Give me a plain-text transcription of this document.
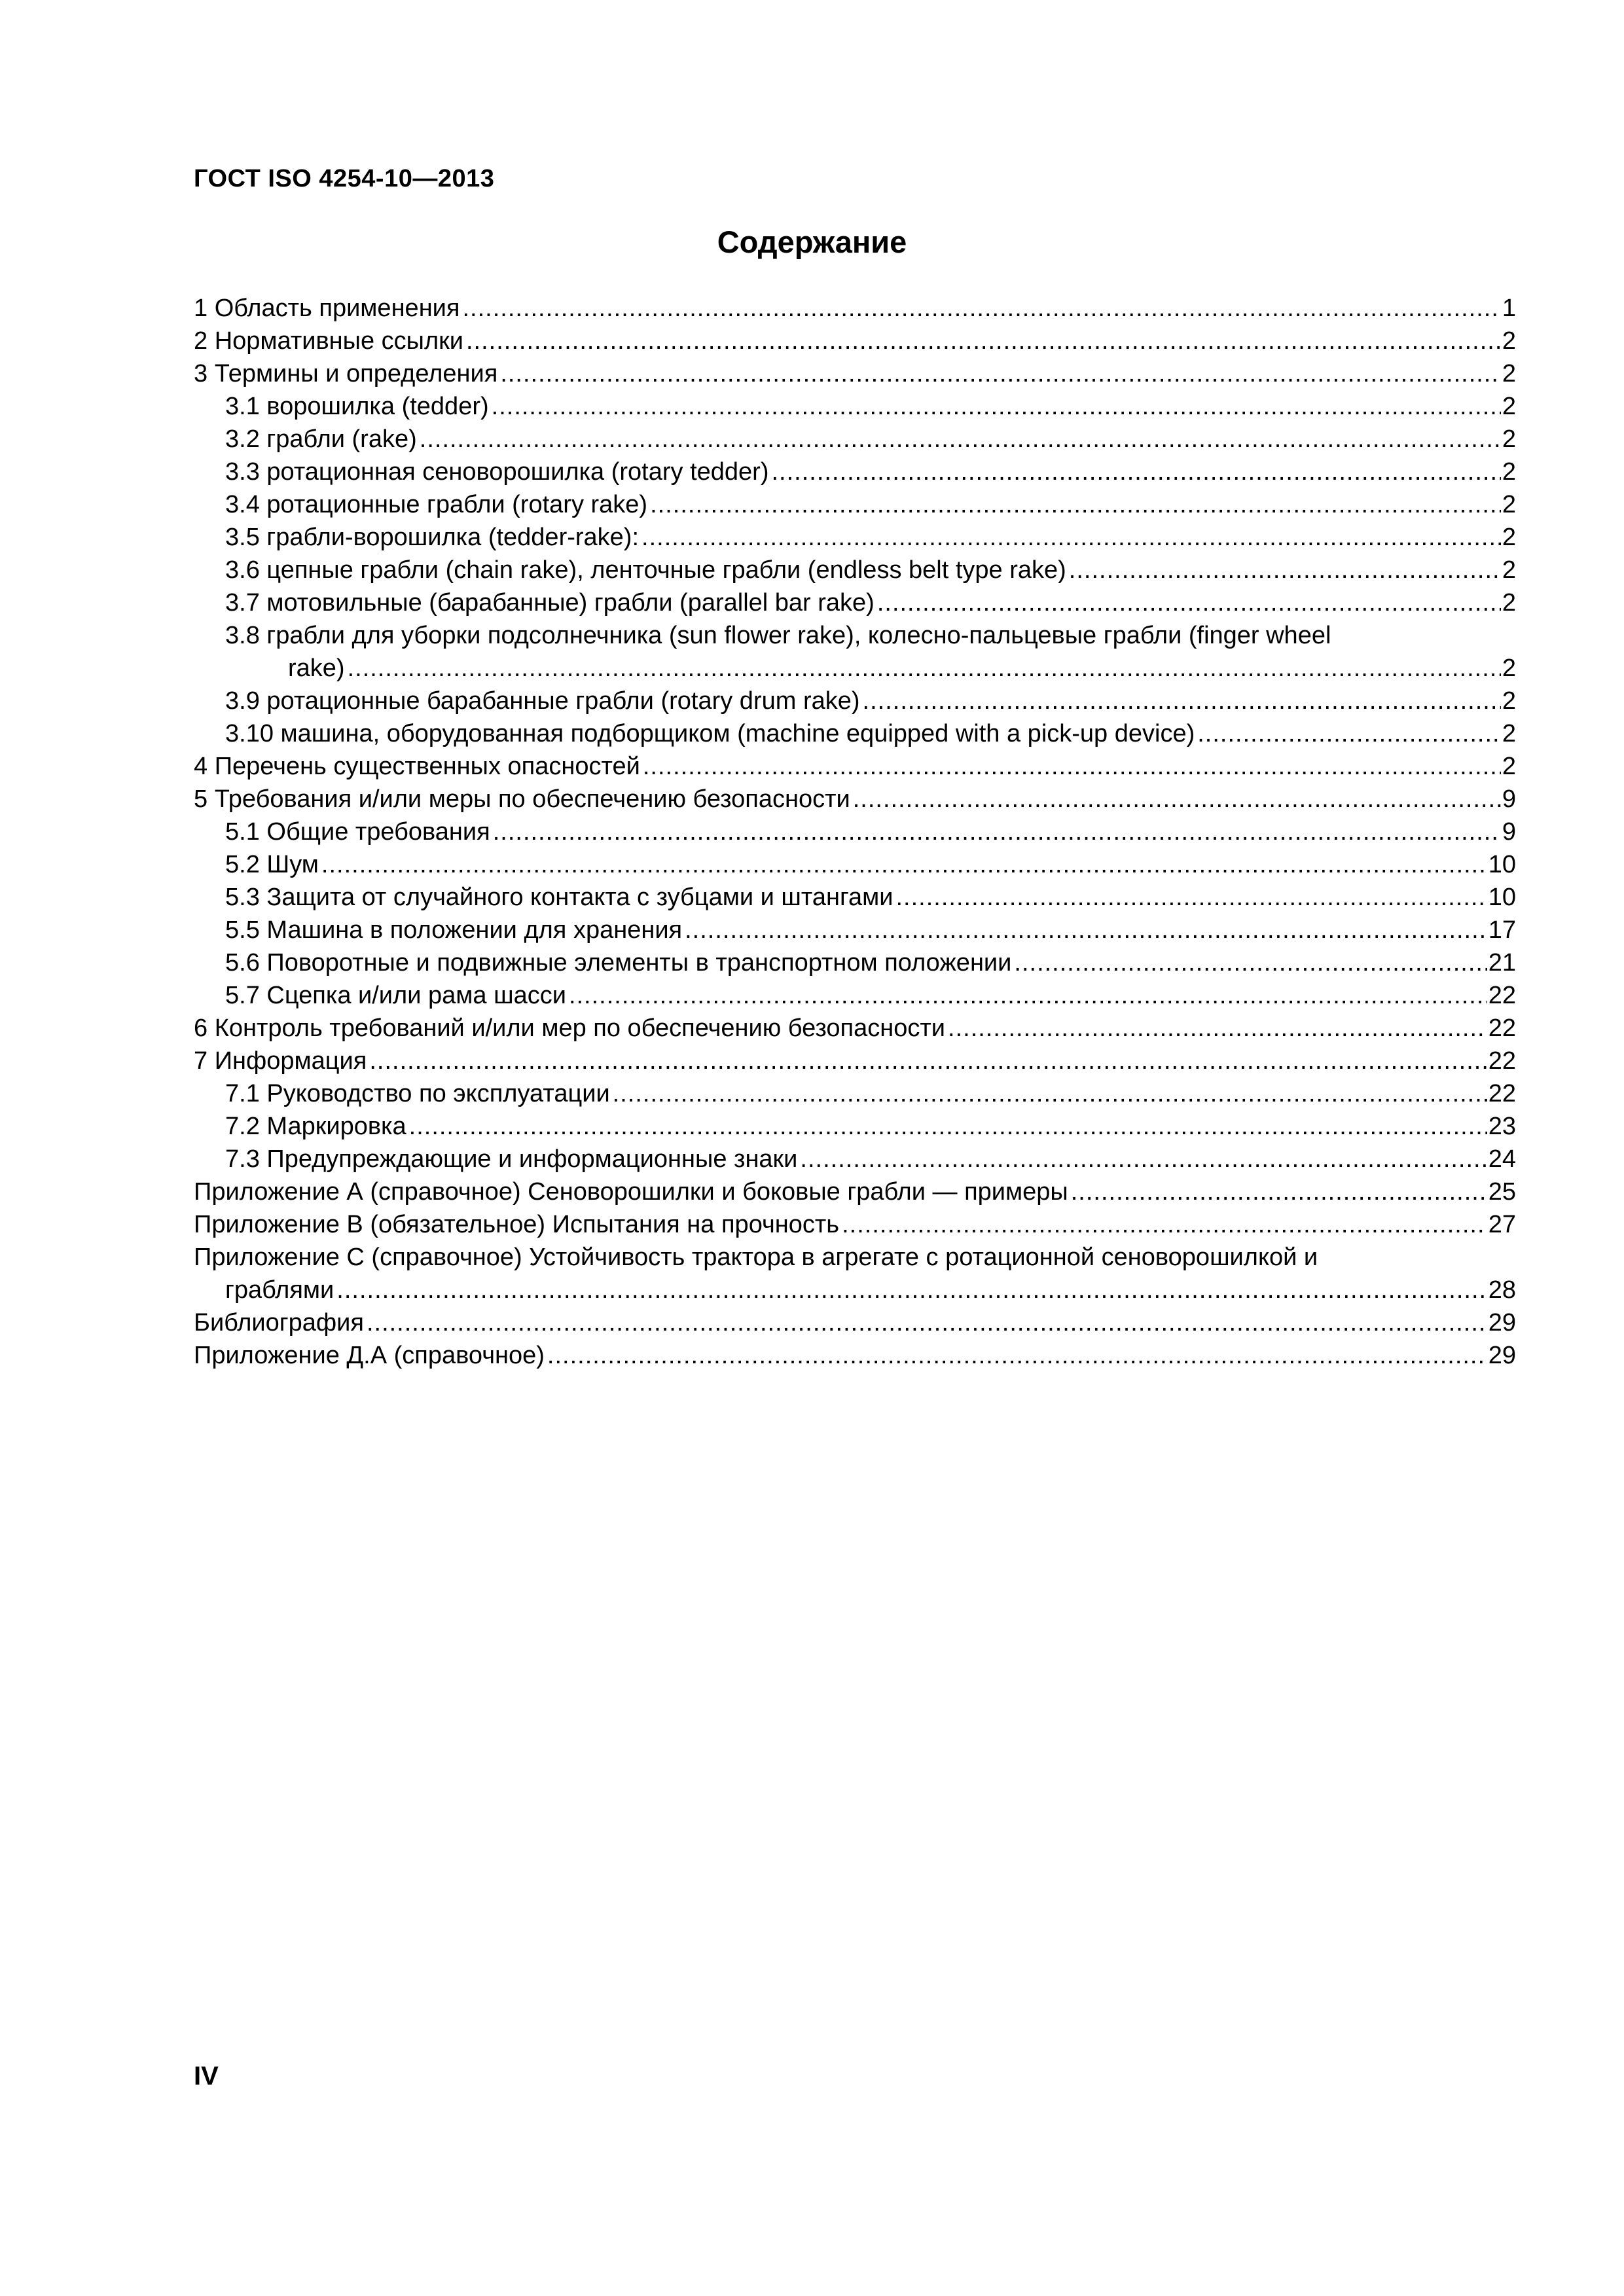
ГОСТ ISO 4254-10—2013
Содержание
1 Область применения .....	1
2 Нормативные ссылки .....	2
3 Термины и определения .....	2
3.1 ворошилка (tedder) .....	2
3.2 грабли (rake) .....	2
3.3 ротационная сеноворошилка (rotary tedder) .....	2
3.4 ротационные грабли (rotary rake) .....	2
3.5 грабли-ворошилка (tedder-rake): .....	2
3.6 цепные грабли (chain rake), ленточные грабли (endless belt type rake) .....	2
3.7 мотовильные (барабанные) грабли (parallel bar rake) .....	2
3.8 грабли для уборки подсолнечника (sun flower rake), колесно-пальцевые грабли (finger wheel
rake) .....	2
3.9 ротационные барабанные грабли (rotary drum rake) .....	2
3.10 машина, оборудованная подборщиком (machine equipped with a pick-up device) .....	2
4 Перечень существенных опасностей .....	2
5 Требования и/или меры по обеспечению безопасности .....	9
5.1 Общие требования .....	9
5.2 Шум .....	10
5.3 Защита от случайного контакта с зубцами и штангами .....	10
5.5 Машина в положении для хранения .....	17
5.6 Поворотные и подвижные элементы в транспортном положении .....	21
5.7 Сцепка и/или рама шасси .....	22
6 Контроль требований и/или мер по обеспечению безопасности .....	22
7 Информация .....	22
7.1 Руководство по эксплуатации .....	22
7.2 Маркировка .....	23
7.3 Предупреждающие и информационные знаки .....	24
Приложение А (справочное) Сеноворошилки и боковые грабли — примеры .....	25
Приложение В (обязательное) Испытания на прочность .....	27
Приложение С (справочное) Устойчивость трактора в агрегате с ротационной сеноворошилкой и
граблями .....	28
Библиография .....	29
Приложение Д.А (справочное) .....	29
IV
